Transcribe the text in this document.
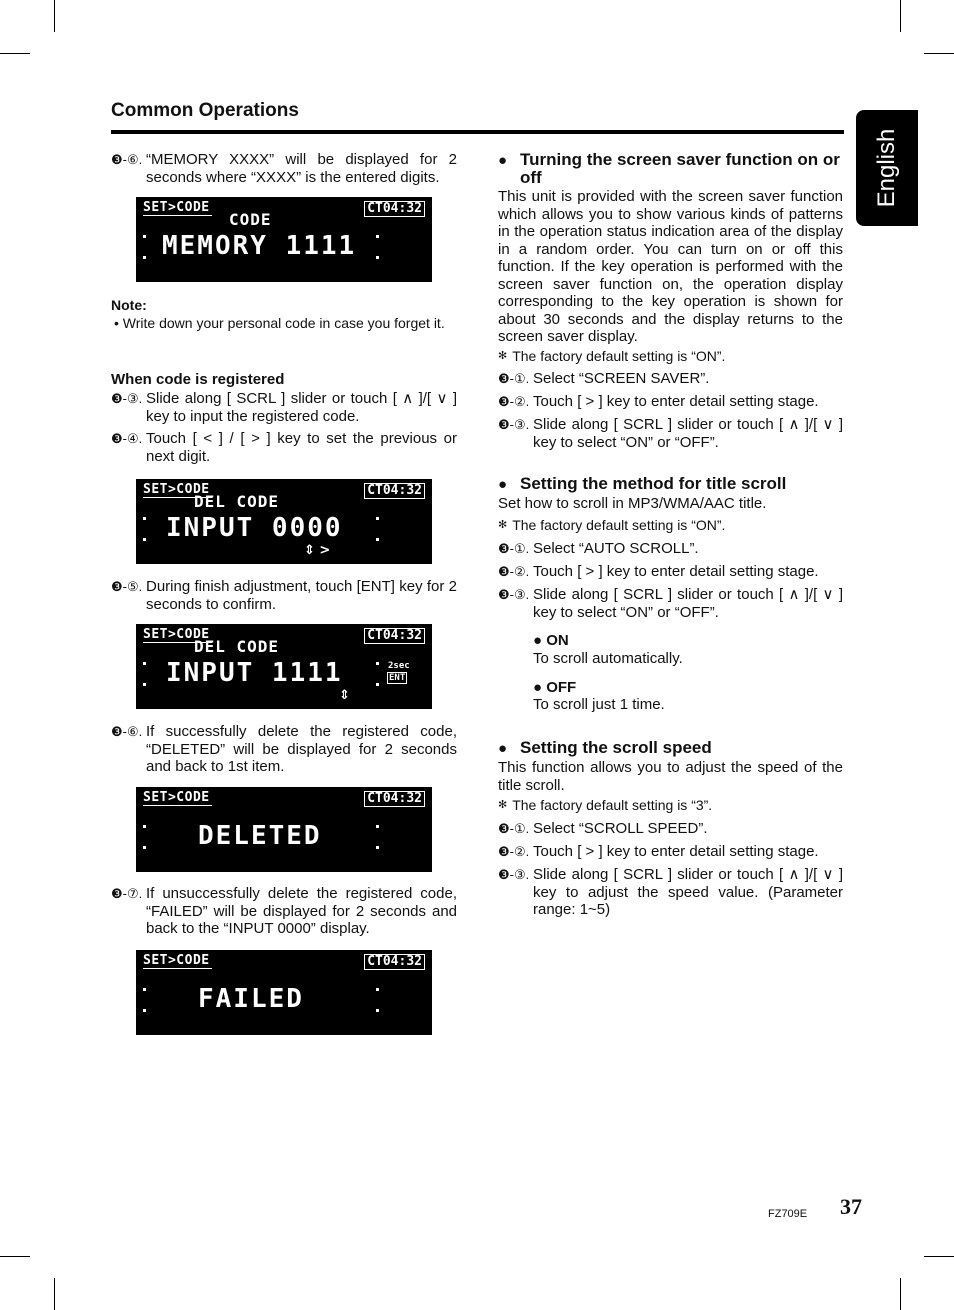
Common Operations
English
❸-⑥. “MEMORY XXXX” will be displayed for 2 seconds where “XXXX” is the entered digits.
SET>CODE	CT04:32
CODE
MEMORY 1111
Note:
• Write down your personal code in case you forget it.
When code is registered
❸-③. Slide along [ SCRL ] slider or touch [ ∧ ]/[ ∨ ] key to input the registered code.
❸-④. Touch [ < ] / [ > ] key to set the previous or next digit.
SET>CODE	CT04:32
DEL CODE
INPUT 0000
⇕ >
❸-⑤. During finish adjustment, touch [ENT] key for 2 seconds to confirm.
SET>CODE	CT04:32
DEL CODE
INPUT 1111	2sec
ENT
⇕
❸-⑥. If successfully delete the registered code, “DELETED” will be displayed for 2 seconds and back to 1st item.
SET>CODE	CT04:32
DELETED
❸-⑦. If unsuccessfully delete the registered code, “FAILED” will be displayed for 2 seconds and back to the “INPUT 0000” display.
SET>CODE	CT04:32
FAILED
● Turning the screen saver function on or off
This unit is provided with the screen saver function which allows you to show various kinds of patterns in the operation status indication area of the display in a random order. You can turn on or off this function. If the key operation is performed with the screen saver function on, the operation display corresponding to the key operation is shown for about 30 seconds and the display returns to the screen saver display.
✻ The factory default setting is “ON”.
❸-①. Select “SCREEN SAVER”.
❸-②. Touch [ > ] key to enter detail setting stage.
❸-③. Slide along [ SCRL ] slider or touch [ ∧ ]/[ ∨ ] key to select “ON” or “OFF”.
● Setting the method for title scroll
Set how to scroll in MP3/WMA/AAC title.
✻ The factory default setting is “ON”.
❸-①. Select “AUTO SCROLL”.
❸-②. Touch [ > ] key to enter detail setting stage.
❸-③. Slide along [ SCRL ] slider or touch [ ∧ ]/[ ∨ ] key to select “ON” or “OFF”.
● ON
To scroll automatically.
● OFF
To scroll just 1 time.
● Setting the scroll speed
This function allows you to adjust the speed of the title scroll.
✻ The factory default setting is “3”.
❸-①. Select “SCROLL SPEED”.
❸-②. Touch [ > ] key to enter detail setting stage.
❸-③. Slide along [ SCRL ] slider or touch [ ∧ ]/[ ∨ ] key to adjust the speed value. (Parameter range: 1~5)
FZ709E 37
